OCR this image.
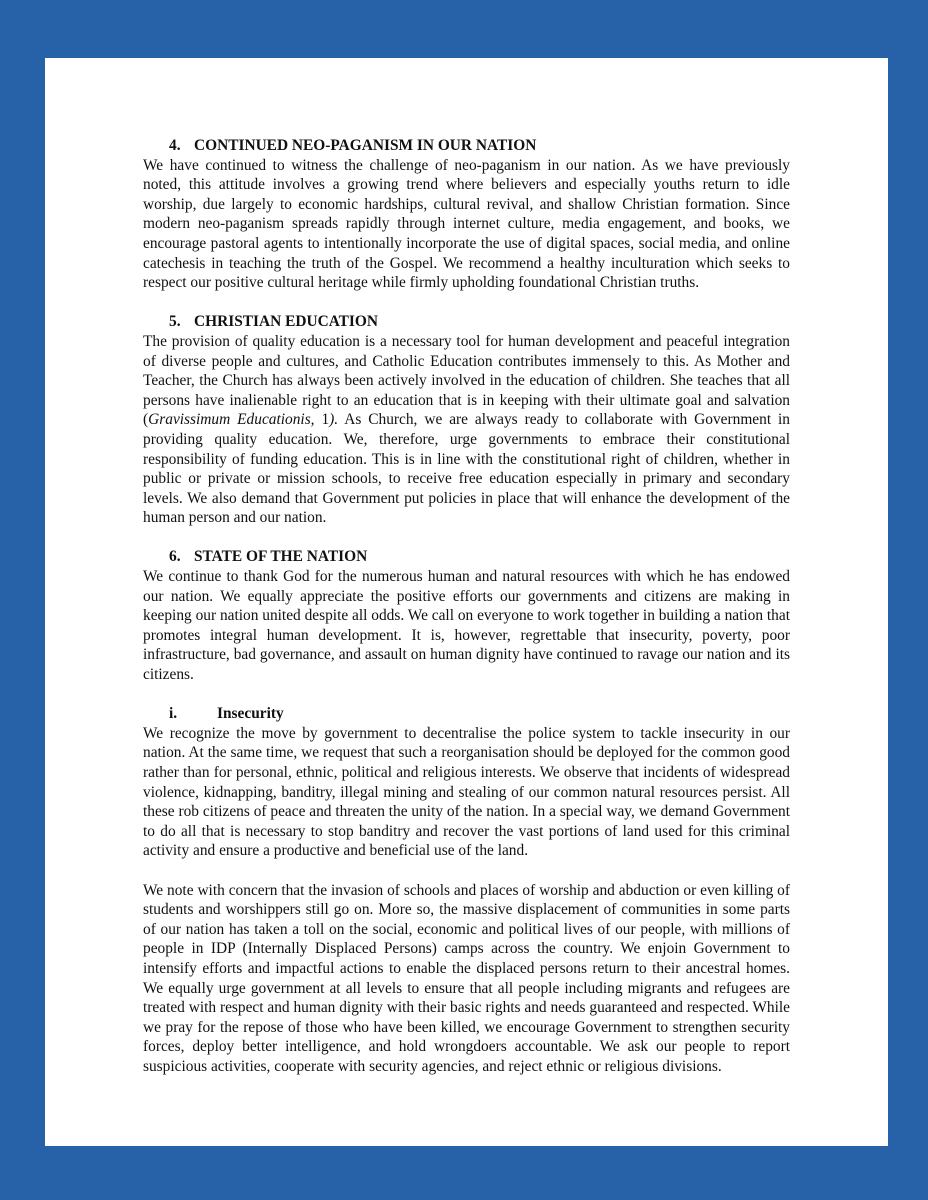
4. CONTINUED NEO-PAGANISM IN OUR NATION

We have continued to witness the challenge of neo-paganism in our nation. As we have previously noted, this attitude involves a growing trend where believers and especially youths return to idle worship, due largely to economic hardships, cultural revival, and shallow Christian formation. Since modern neo-paganism spreads rapidly through internet culture, media engagement, and books, we encourage pastoral agents to intentionally incorporate the use of digital spaces, social media, and online catechesis in teaching the truth of the Gospel. We recommend a healthy inculturation which seeks to respect our positive cultural heritage while firmly upholding foundational Christian truths.

5. CHRISTIAN EDUCATION

The provision of quality education is a necessary tool for human development and peaceful integration of diverse people and cultures, and Catholic Education contributes immensely to this. As Mother and Teacher, the Church has always been actively involved in the education of children. She teaches that all persons have inalienable right to an education that is in keeping with their ultimate goal and salvation (Gravissimum Educationis, 1). As Church, we are always ready to collaborate with Government in providing quality education. We, therefore, urge governments to embrace their constitutional responsibility of funding education. This is in line with the constitutional right of children, whether in public or private or mission schools, to receive free education especially in primary and secondary levels. We also demand that Government put policies in place that will enhance the development of the human person and our nation.

6. STATE OF THE NATION

We continue to thank God for the numerous human and natural resources with which he has endowed our nation. We equally appreciate the positive efforts our governments and citizens are making in keeping our nation united despite all odds. We call on everyone to work together in building a nation that promotes integral human development. It is, however, regrettable that insecurity, poverty, poor infrastructure, bad governance, and assault on human dignity have continued to ravage our nation and its citizens.

i.	Insecurity

We recognize the move by government to decentralise the police system to tackle insecurity in our nation. At the same time, we request that such a reorganisation should be deployed for the common good rather than for personal, ethnic, political and religious interests. We observe that incidents of widespread violence, kidnapping, banditry, illegal mining and stealing of our common natural resources persist. All these rob citizens of peace and threaten the unity of the nation. In a special way, we demand Government to do all that is necessary to stop banditry and recover the vast portions of land used for this criminal activity and ensure a productive and beneficial use of the land.

We note with concern that the invasion of schools and places of worship and abduction or even killing of students and worshippers still go on. More so, the massive displacement of communities in some parts of our nation has taken a toll on the social, economic and political lives of our people, with millions of people in IDP (Internally Displaced Persons) camps across the country. We enjoin Government to intensify efforts and impactful actions to enable the displaced persons return to their ancestral homes. We equally urge government at all levels to ensure that all people including migrants and refugees are treated with respect and human dignity with their basic rights and needs guaranteed and respected. While we pray for the repose of those who have been killed, we encourage Government to strengthen security forces, deploy better intelligence, and hold wrongdoers accountable. We ask our people to report suspicious activities, cooperate with security agencies, and reject ethnic or religious divisions.
